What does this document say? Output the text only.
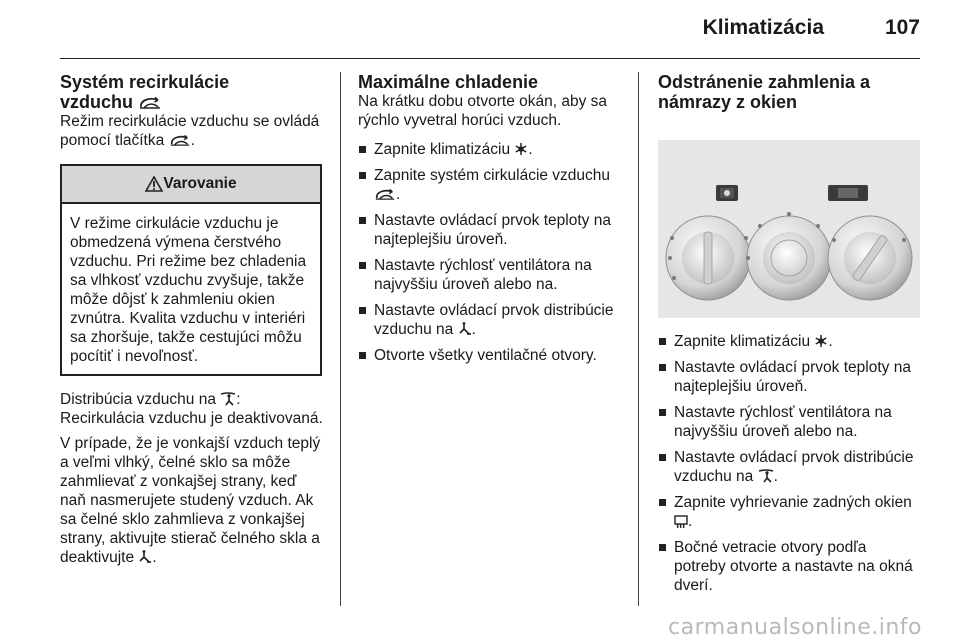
Klimatizácia	107
Systém recirkulácie
vzduchu

Režim recirkulácie vzduchu se ovládá pomocí tlačítka .

Varovanie
V režime cirkulácie vzduchu je obmedzená výmena čerstvého vzduchu. Pri režime bez chladenia sa vlhkosť vzduchu zvyšuje, takže môže dôjsť k zahmleniu okien zvnútra. Kvalita vzduchu v interiéri sa zhoršuje, takže cestujúci môžu pocítiť i nevoľnosť.

Distribúcia vzduchu na :
Recirkulácia vzduchu je deaktivovaná.

V prípade, že je vonkajší vzduch teplý a veľmi vlhký, čelné sklo sa môže zahmlievať z vonkajšej strany, keď naň nasmerujete studený vzduch. Ak sa čelné sklo zahmlieva z vonkajšej strany, aktivujte stierač čelného skla a deaktivujte .

Maximálne chladenie

Na krátku dobu otvorte okán, aby sa rýchlo vyvetral horúci vzduch.

Zapnite klimatizáciu .
Zapnite systém cirkulácie vzduchu .
Nastavte ovládací prvok teploty na najteplejšiu úroveň.
Nastavte rýchlosť ventilátora na najvyššiu úroveň alebo na.
Nastavte ovládací prvok distribúcie vzduchu na .
Otvorte všetky ventilačné otvory.
Odstránenie zahmlenia a
námrazy z okien
Zapnite klimatizáciu .
Nastavte ovládací prvok teploty na najteplejšiu úroveň.
Nastavte rýchlosť ventilátora na najvyššiu úroveň alebo na.
Nastavte ovládací prvok distribúcie vzduchu na .
Zapnite vyhrievanie zadných okien .
Bočné vetracie otvory podľa potreby otvorte a nastavte na okná dverí.
carmanualsonline.info
